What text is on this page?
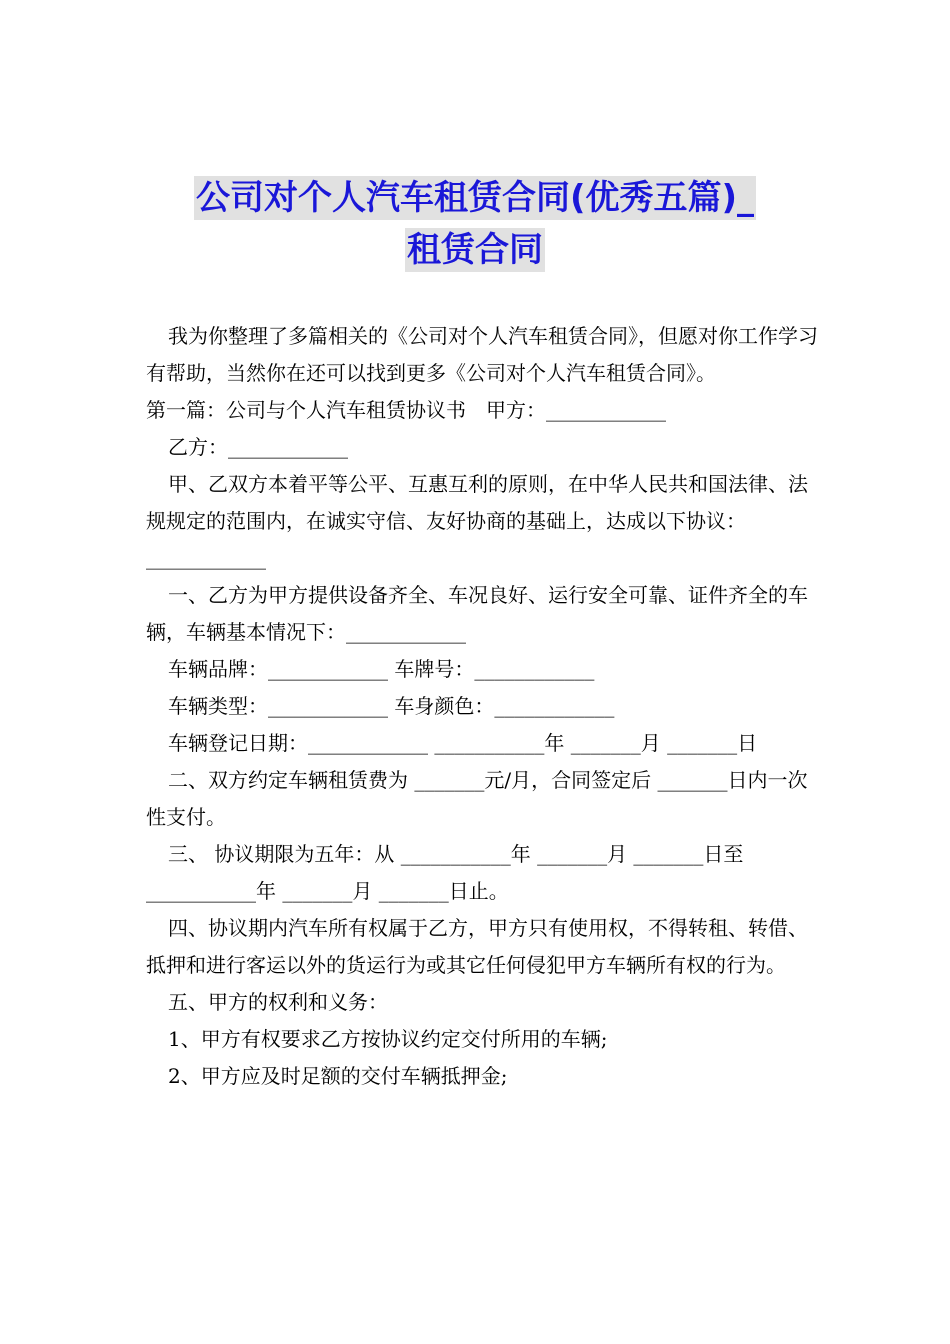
公司对个人汽车租赁合同(优秀五篇)_
租赁合同

我为你整理了多篇相关的《公司对个人汽车租赁合同》，但愿对你工作学习有帮助，当然你在还可以找到更多《公司对个人汽车租赁合同》。

第一篇：公司与个人汽车租赁协议书　甲方：____________

乙方：____________

甲、乙双方本着平等公平、互惠互利的原则，在中华人民共和国法律、法规规定的范围内，在诚实守信、友好协商的基础上，达成以下协议：____________

一、乙方为甲方提供设备齐全、车况良好、运行安全可靠、证件齐全的车辆，车辆基本情况下：____________

车辆品牌：____________ 车牌号：____________

车辆类型：____________ 车身颜色：____________

车辆登记日期：____________ ___________年 _______月 _______日

二、双方约定车辆租赁费为 _______元/月，合同签定后 _______日内一次性支付。

三、 协议期限为五年：从 ___________年 _______月 _______日至___________年 _______月 _______日止。

四、协议期内汽车所有权属于乙方，甲方只有使用权，不得转租、转借、抵押和进行客运以外的货运行为或其它任何侵犯甲方车辆所有权的行为。

五、甲方的权利和义务：

1、甲方有权要求乙方按协议约定交付所用的车辆;

2、甲方应及时足额的交付车辆抵押金;
